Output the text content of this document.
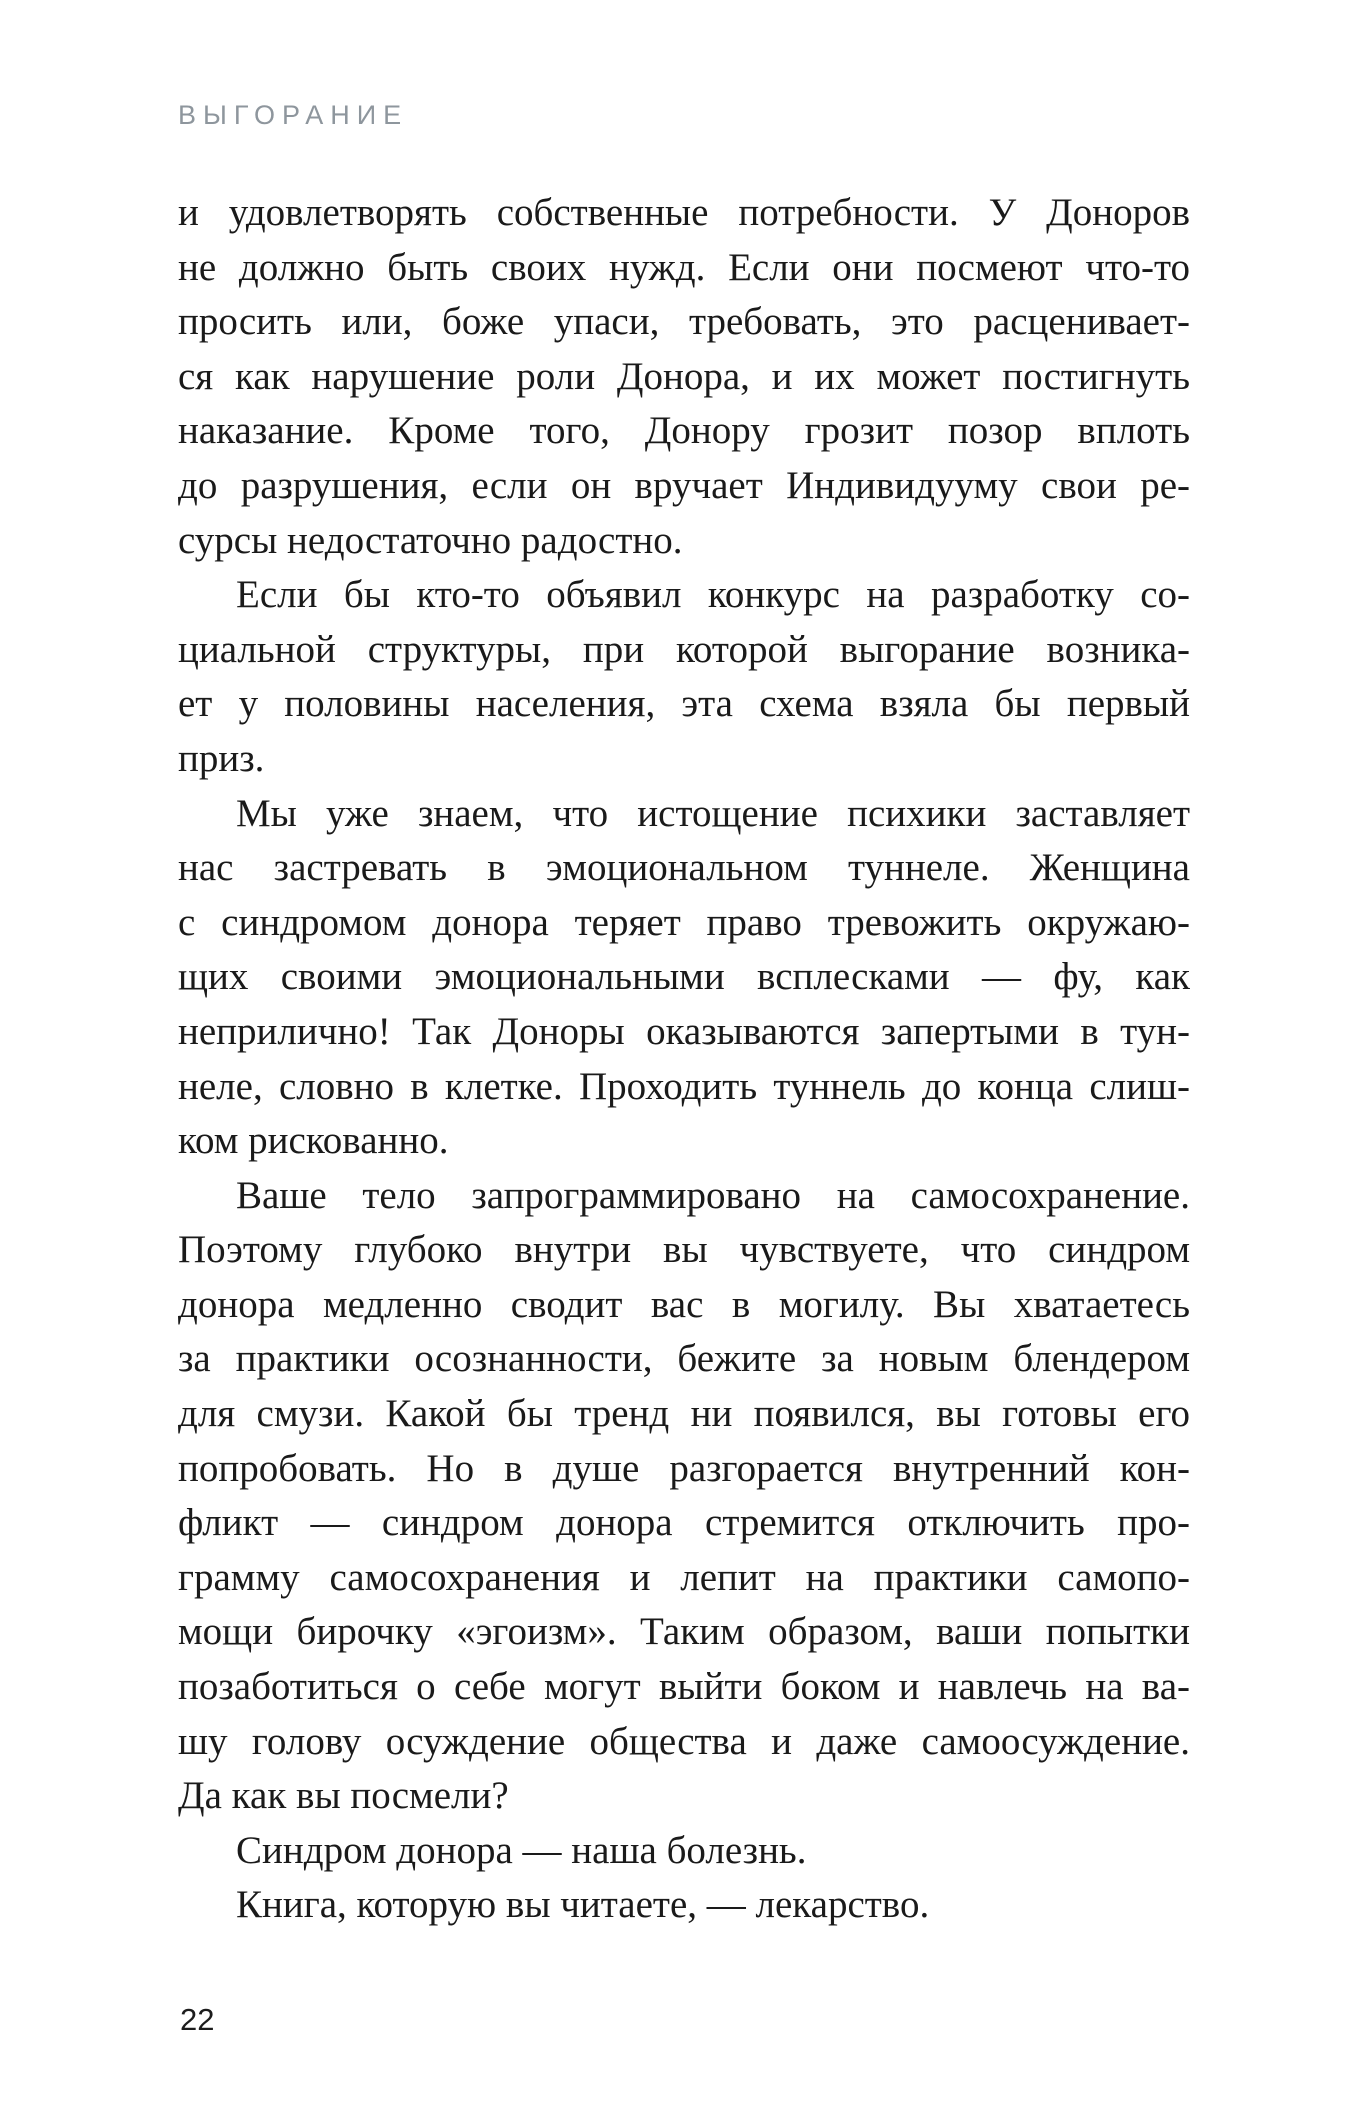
ВЫГОРАНИЕ
и удовлетворять собственные потребности. У Доноров
не должно быть своих нужд. Если они посмеют что-то
просить или, боже упаси, требовать, это расценивает-
ся как нарушение роли Донора, и их может постигнуть
наказание. Кроме того, Донору грозит позор вплоть
до разрушения, если он вручает Индивидууму свои ре-
сурсы недостаточно радостно.
Если бы кто-то объявил конкурс на разработку со-
циальной структуры, при которой выгорание возника-
ет у половины населения, эта схема взяла бы первый
приз.
Мы уже знаем, что истощение психики заставляет
нас застревать в эмоциональном туннеле. Женщина
с синдромом донора теряет право тревожить окружаю-
щих своими эмоциональными всплесками — фу, как
неприлично! Так Доноры оказываются запертыми в тун-
неле, словно в клетке. Проходить туннель до конца слиш-
ком рискованно.
Ваше тело запрограммировано на самосохранение.
Поэтому глубоко внутри вы чувствуете, что синдром
донора медленно сводит вас в могилу. Вы хватаетесь
за практики осознанности, бежите за новым блендером
для смузи. Какой бы тренд ни появился, вы готовы его
попробовать. Но в душе разгорается внутренний кон-
фликт — синдром донора стремится отключить про-
грамму самосохранения и лепит на практики самопо-
мощи бирочку «эгоизм». Таким образом, ваши попытки
позаботиться о себе могут выйти боком и навлечь на ва-
шу голову осуждение общества и даже самоосуждение.
Да как вы посмели?
Синдром донора — наша болезнь.
Книга, которую вы читаете, — лекарство.
22
